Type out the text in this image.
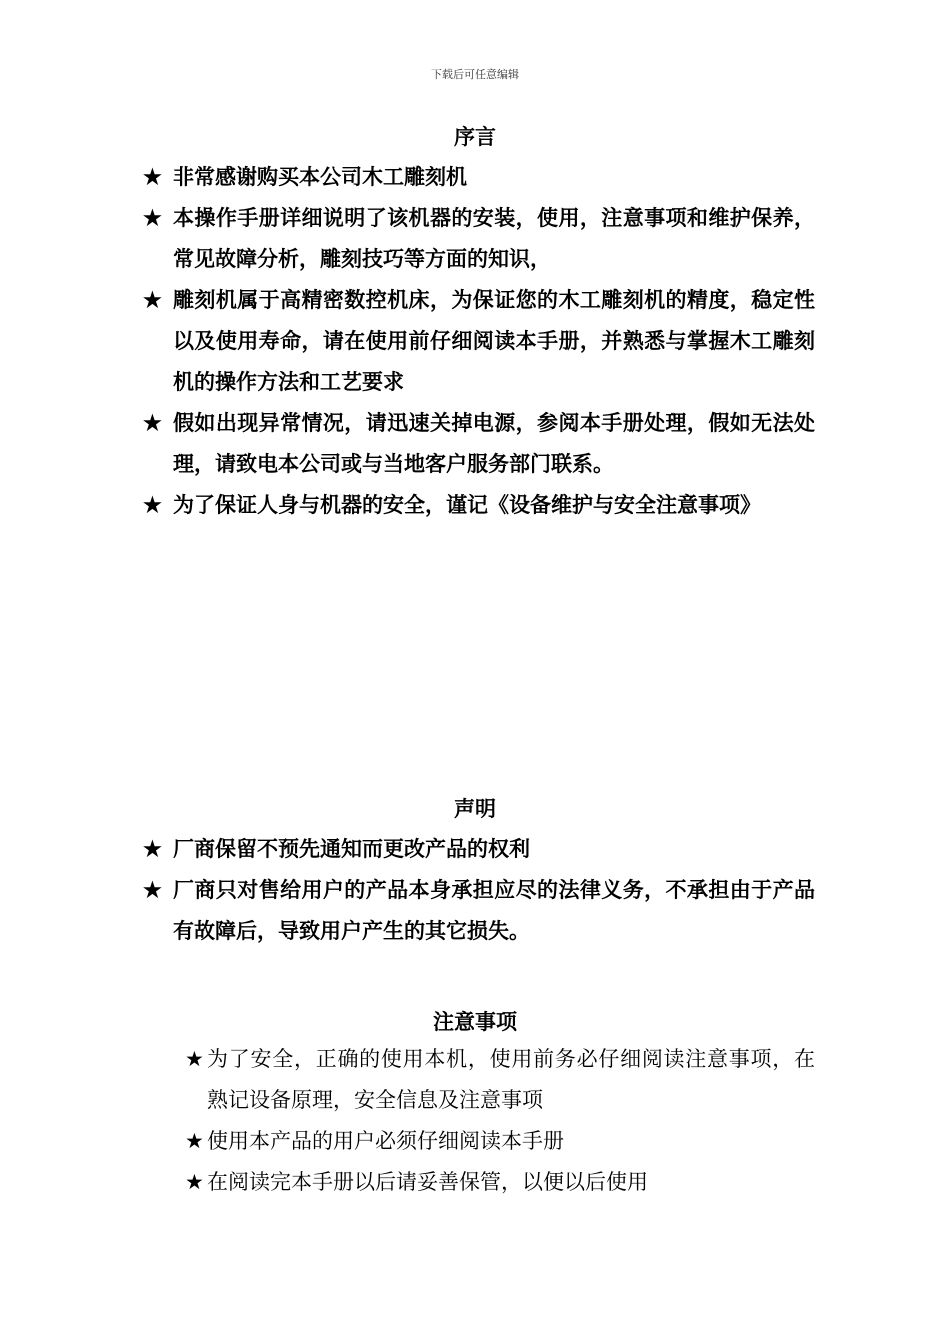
下载后可任意编辑
序言
★ 非常感谢购买本公司木工雕刻机
★ 本操作手册详细说明了该机器的安装，使用，注意事项和维护保养，常见故障分析，雕刻技巧等方面的知识，
★ 雕刻机属于高精密数控机床，为保证您的木工雕刻机的精度，稳定性以及使用寿命，请在使用前仔细阅读本手册，并熟悉与掌握木工雕刻机的操作方法和工艺要求
★ 假如出现异常情况，请迅速关掉电源，参阅本手册处理，假如无法处理，请致电本公司或与当地客户服务部门联系。
★ 为了保证人身与机器的安全，谨记《设备维护与安全注意事项》
声明
★ 厂商保留不预先通知而更改产品的权利
★ 厂商只对售给用户的产品本身承担应尽的法律义务，不承担由于产品有故障后，导致用户产生的其它损失。
注意事项
★ 为了安全，正确的使用本机，使用前务必仔细阅读注意事项，在熟记设备原理，安全信息及注意事项
★ 使用本产品的用户必须仔细阅读本手册
★ 在阅读完本手册以后请妥善保管，以便以后使用
